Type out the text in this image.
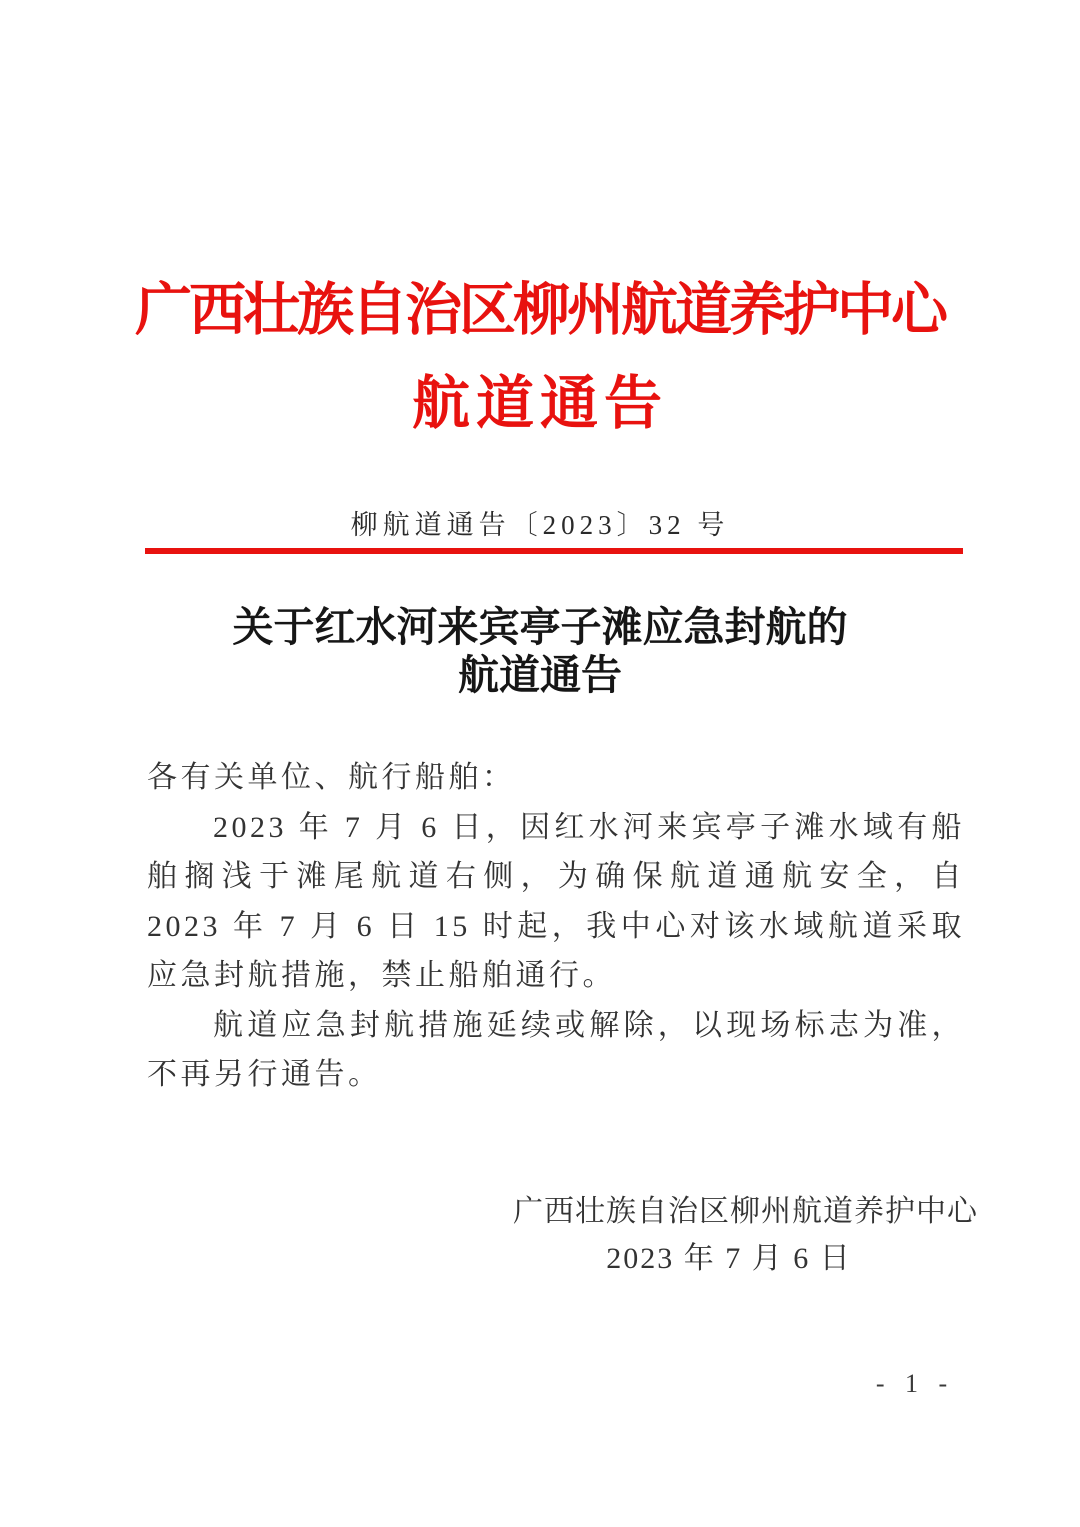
广西壮族自治区柳州航道养护中心
航道通告
柳航道通告〔2023〕32 号
关于红水河来宾亭子滩应急封航的
航道通告

各有关单位、航行船舶：

2023 年 7 月 6 日，因红水河来宾亭子滩水域有船舶搁浅于滩尾航道右侧，为确保航道通航安全，自 2023 年 7 月 6 日 15 时起，我中心对该水域航道采取应急封航措施，禁止船舶通行。

航道应急封航措施延续或解除，以现场标志为准，不再另行通告。

广西壮族自治区柳州航道养护中心
2023 年 7 月 6 日
- 1 -
